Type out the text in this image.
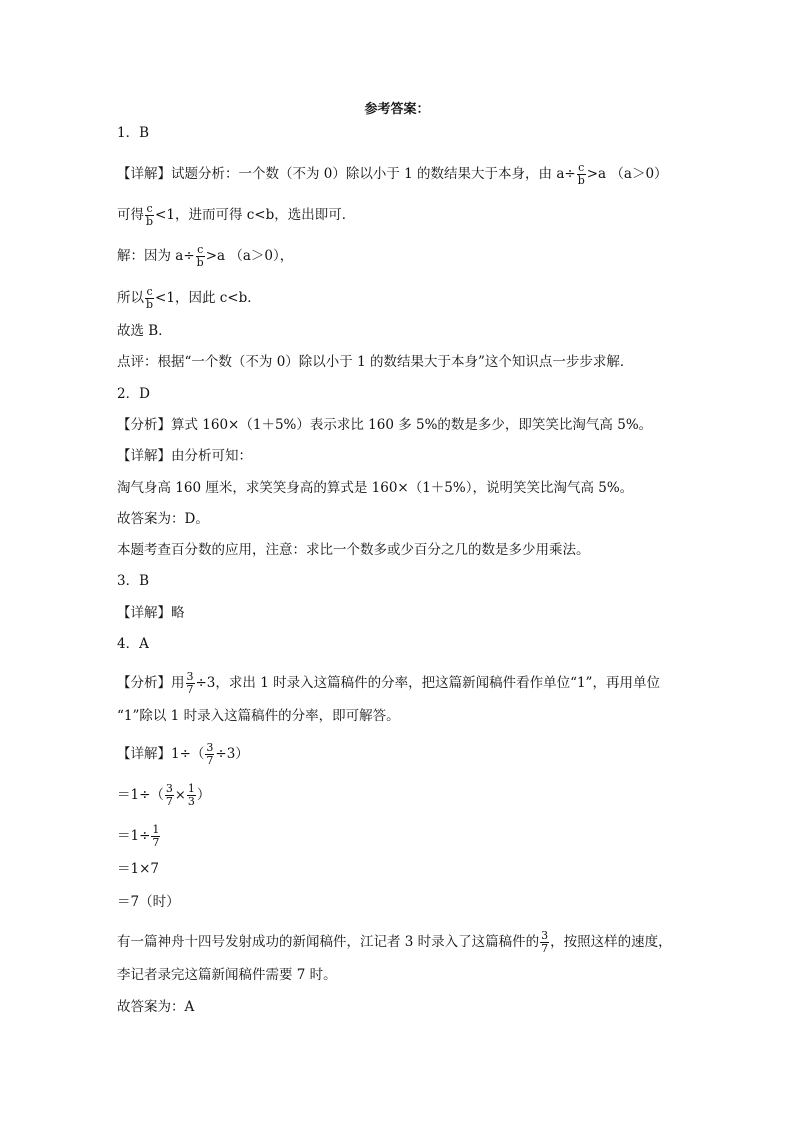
参考答案：
1．B
【详解】试题分析：一个数（不为 0）除以小于 1 的数结果大于本身，由 $a\div \frac{c}{b} >a$ （a＞0）
可得 $\frac{c}{b} <1$，进而可得 c<b，选出即可．
解：因为 $a\div \frac{c}{b} >a$ （a＞0），
所以 $\frac{c}{b} <1$，因此 c<b．
故选 B．
点评：根据“一个数（不为 0）除以小于 1 的数结果大于本身”这个知识点一步步求解．
2．D
【分析】算式 160×（1＋5%）表示求比 160 多 5%的数是多少，即笑笑比淘气高 5%。
【详解】由分析可知：
淘气身高 160 厘米，求笑笑身高的算式是 160×（1＋5%），说明笑笑比淘气高 5%。
故答案为：D。
本题考查百分数的应用，注意：求比一个数多或少百分之几的数是多少用乘法。
3．B
【详解】略
4．A
【分析】用 $\frac{3}{7} \div 3$，求出 1 时录入这篇稿件的分率，把这篇新闻稿件看作单位“1”，再用单位
“1”除以 1 时录入这篇稿件的分率，即可解答。
【详解】$1\div( \frac{3}{7} \div 3)$
$=1\div( \frac{3}{7} \times \frac{1}{3}$ ）
$=1\div \frac{1}{7}$
＝1×7
＝7（时）
有一篇神舟十四号发射成功的新闻稿件，江记者 3 时录入了这篇稿件的 $\frac{3}{7}$ ，按照这样的速度，
李记者录完这篇新闻稿件需要 7 时。
故答案为：A
